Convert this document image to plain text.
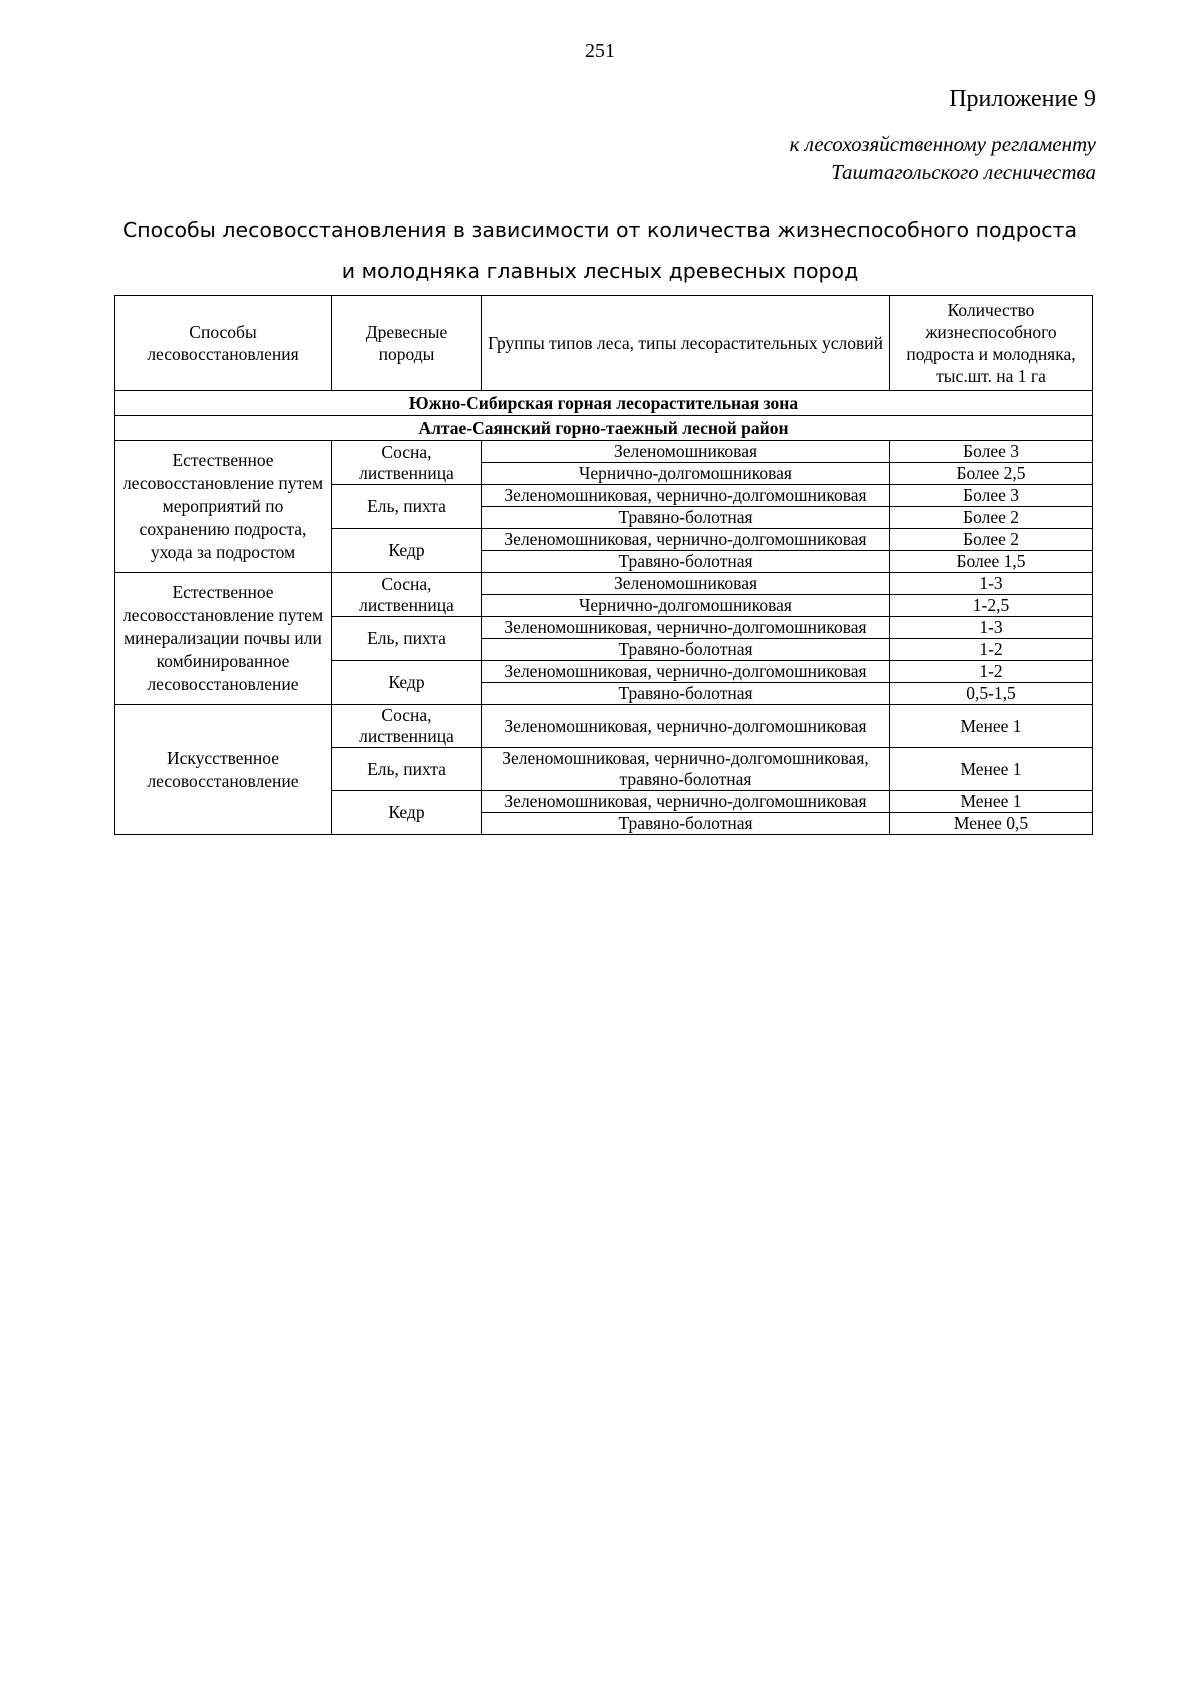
251
Приложение 9
к лесохозяйственному регламенту
Таштагольского лесничества
Способы лесовосстановления в зависимости от количества жизнеспособного подроста
и молодняка главных лесных древесных пород
Способы лесовосстановления	Древесные породы	Группы типов леса, типы лесорастительных условий	Количество жизнеспособного подроста и молодняка, тыс.шт. на 1 га
Южно-Сибирская горная лесорастительная зона			
Алтае-Саянский горно-таежный лесной район			
Естественное лесовосстановление путем мероприятий по сохранению подроста, ухода за подростом	Сосна, лиственница	Зеленомошниковая	Более 3
		Чернично-долгомошниковая	Более 2,5
	Ель, пихта	Зеленомошниковая, чернично-долгомошниковая	Более 3
		Травяно-болотная	Более 2
	Кедр	Зеленомошниковая, чернично-долгомошниковая	Более 2
		Травяно-болотная	Более 1,5
Естественное лесовосстановление путем минерализации почвы или комбинированное лесовосстановление	Сосна, лиственница	Зеленомошниковая	1-3
		Чернично-долгомошниковая	1-2,5
	Ель, пихта	Зеленомошниковая, чернично-долгомошниковая	1-3
		Травяно-болотная	1-2
	Кедр	Зеленомошниковая, чернично-долгомошниковая	1-2
		Травяно-болотная	0,5-1,5
Искусственное лесовосстановление	Сосна, лиственница	Зеленомошниковая, чернично-долгомошниковая	Менее 1
	Ель, пихта	Зеленомошниковая, чернично-долгомошниковая, травяно-болотная	Менее 1
	Кедр	Зеленомошниковая, чернично-долгомошниковая	Менее 1
		Травяно-болотная	Менее 0,5
